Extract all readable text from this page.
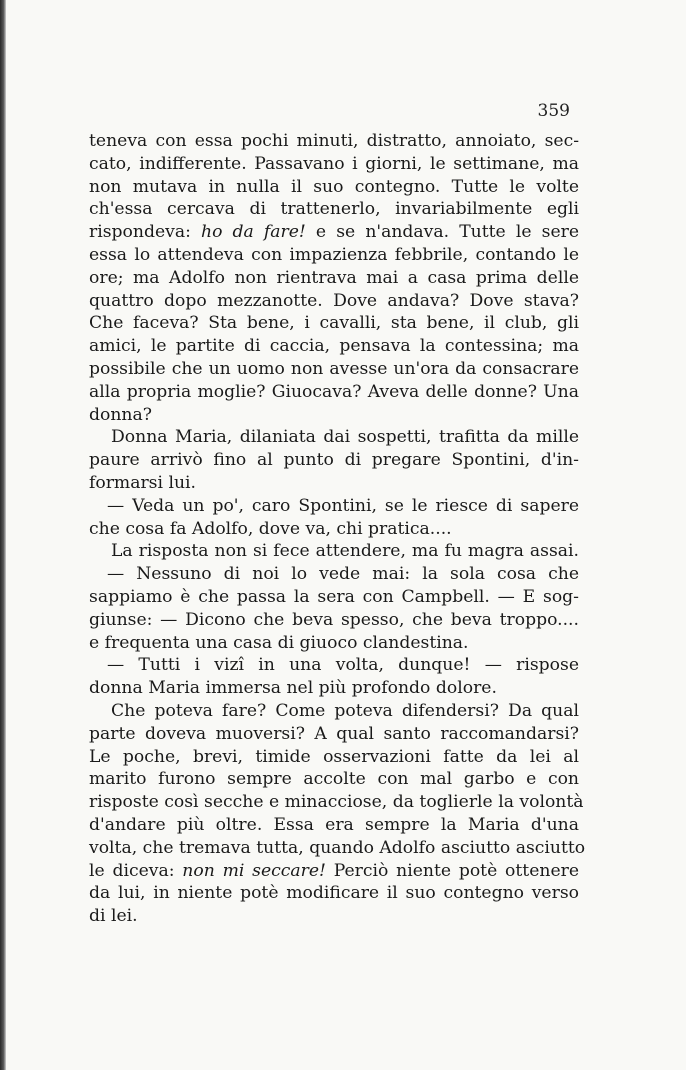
359
teneva con essa pochi minuti, distratto, annoiato, sec-
cato, indifferente. Passavano i giorni, le settimane, ma
non mutava in nulla il suo contegno. Tutte le volte
ch'essa cercava di trattenerlo, invariabilmente egli
rispondeva: ho da fare! e se n'andava. Tutte le sere
essa lo attendeva con impazienza febbrile, contando le
ore; ma Adolfo non rientrava mai a casa prima delle
quattro dopo mezzanotte. Dove andava? Dove stava?
Che faceva? Sta bene, i cavalli, sta bene, il club, gli
amici, le partite di caccia, pensava la contessina; ma
possibile che un uomo non avesse un'ora da consacrare
alla propria moglie? Giuocava? Aveva delle donne? Una
donna?
Donna Maria, dilaniata dai sospetti, trafitta da mille
paure arrivò fino al punto di pregare Spontini, d'in-
formarsi lui.
— Veda un po', caro Spontini, se le riesce di sapere
che cosa fa Adolfo, dove va, chi pratica....
La risposta non si fece attendere, ma fu magra assai.
— Nessuno di noi lo vede mai: la sola cosa che
sappiamo è che passa la sera con Campbell. — E sog-
giunse: — Dicono che beva spesso, che beva troppo....
e frequenta una casa di giuoco clandestina.
— Tutti i vizî in una volta, dunque! — rispose
donna Maria immersa nel più profondo dolore.
Che poteva fare? Come poteva difendersi? Da qual
parte doveva muoversi? A qual santo raccomandarsi?
Le poche, brevi, timide osservazioni fatte da lei al
marito furono sempre accolte con mal garbo e con
risposte così secche e minacciose, da toglierle la volontà
d'andare più oltre. Essa era sempre la Maria d'una
volta, che tremava tutta, quando Adolfo asciutto asciutto
le diceva: non mi seccare! Perciò niente potè ottenere
da lui, in niente potè modificare il suo contegno verso
di lei.
